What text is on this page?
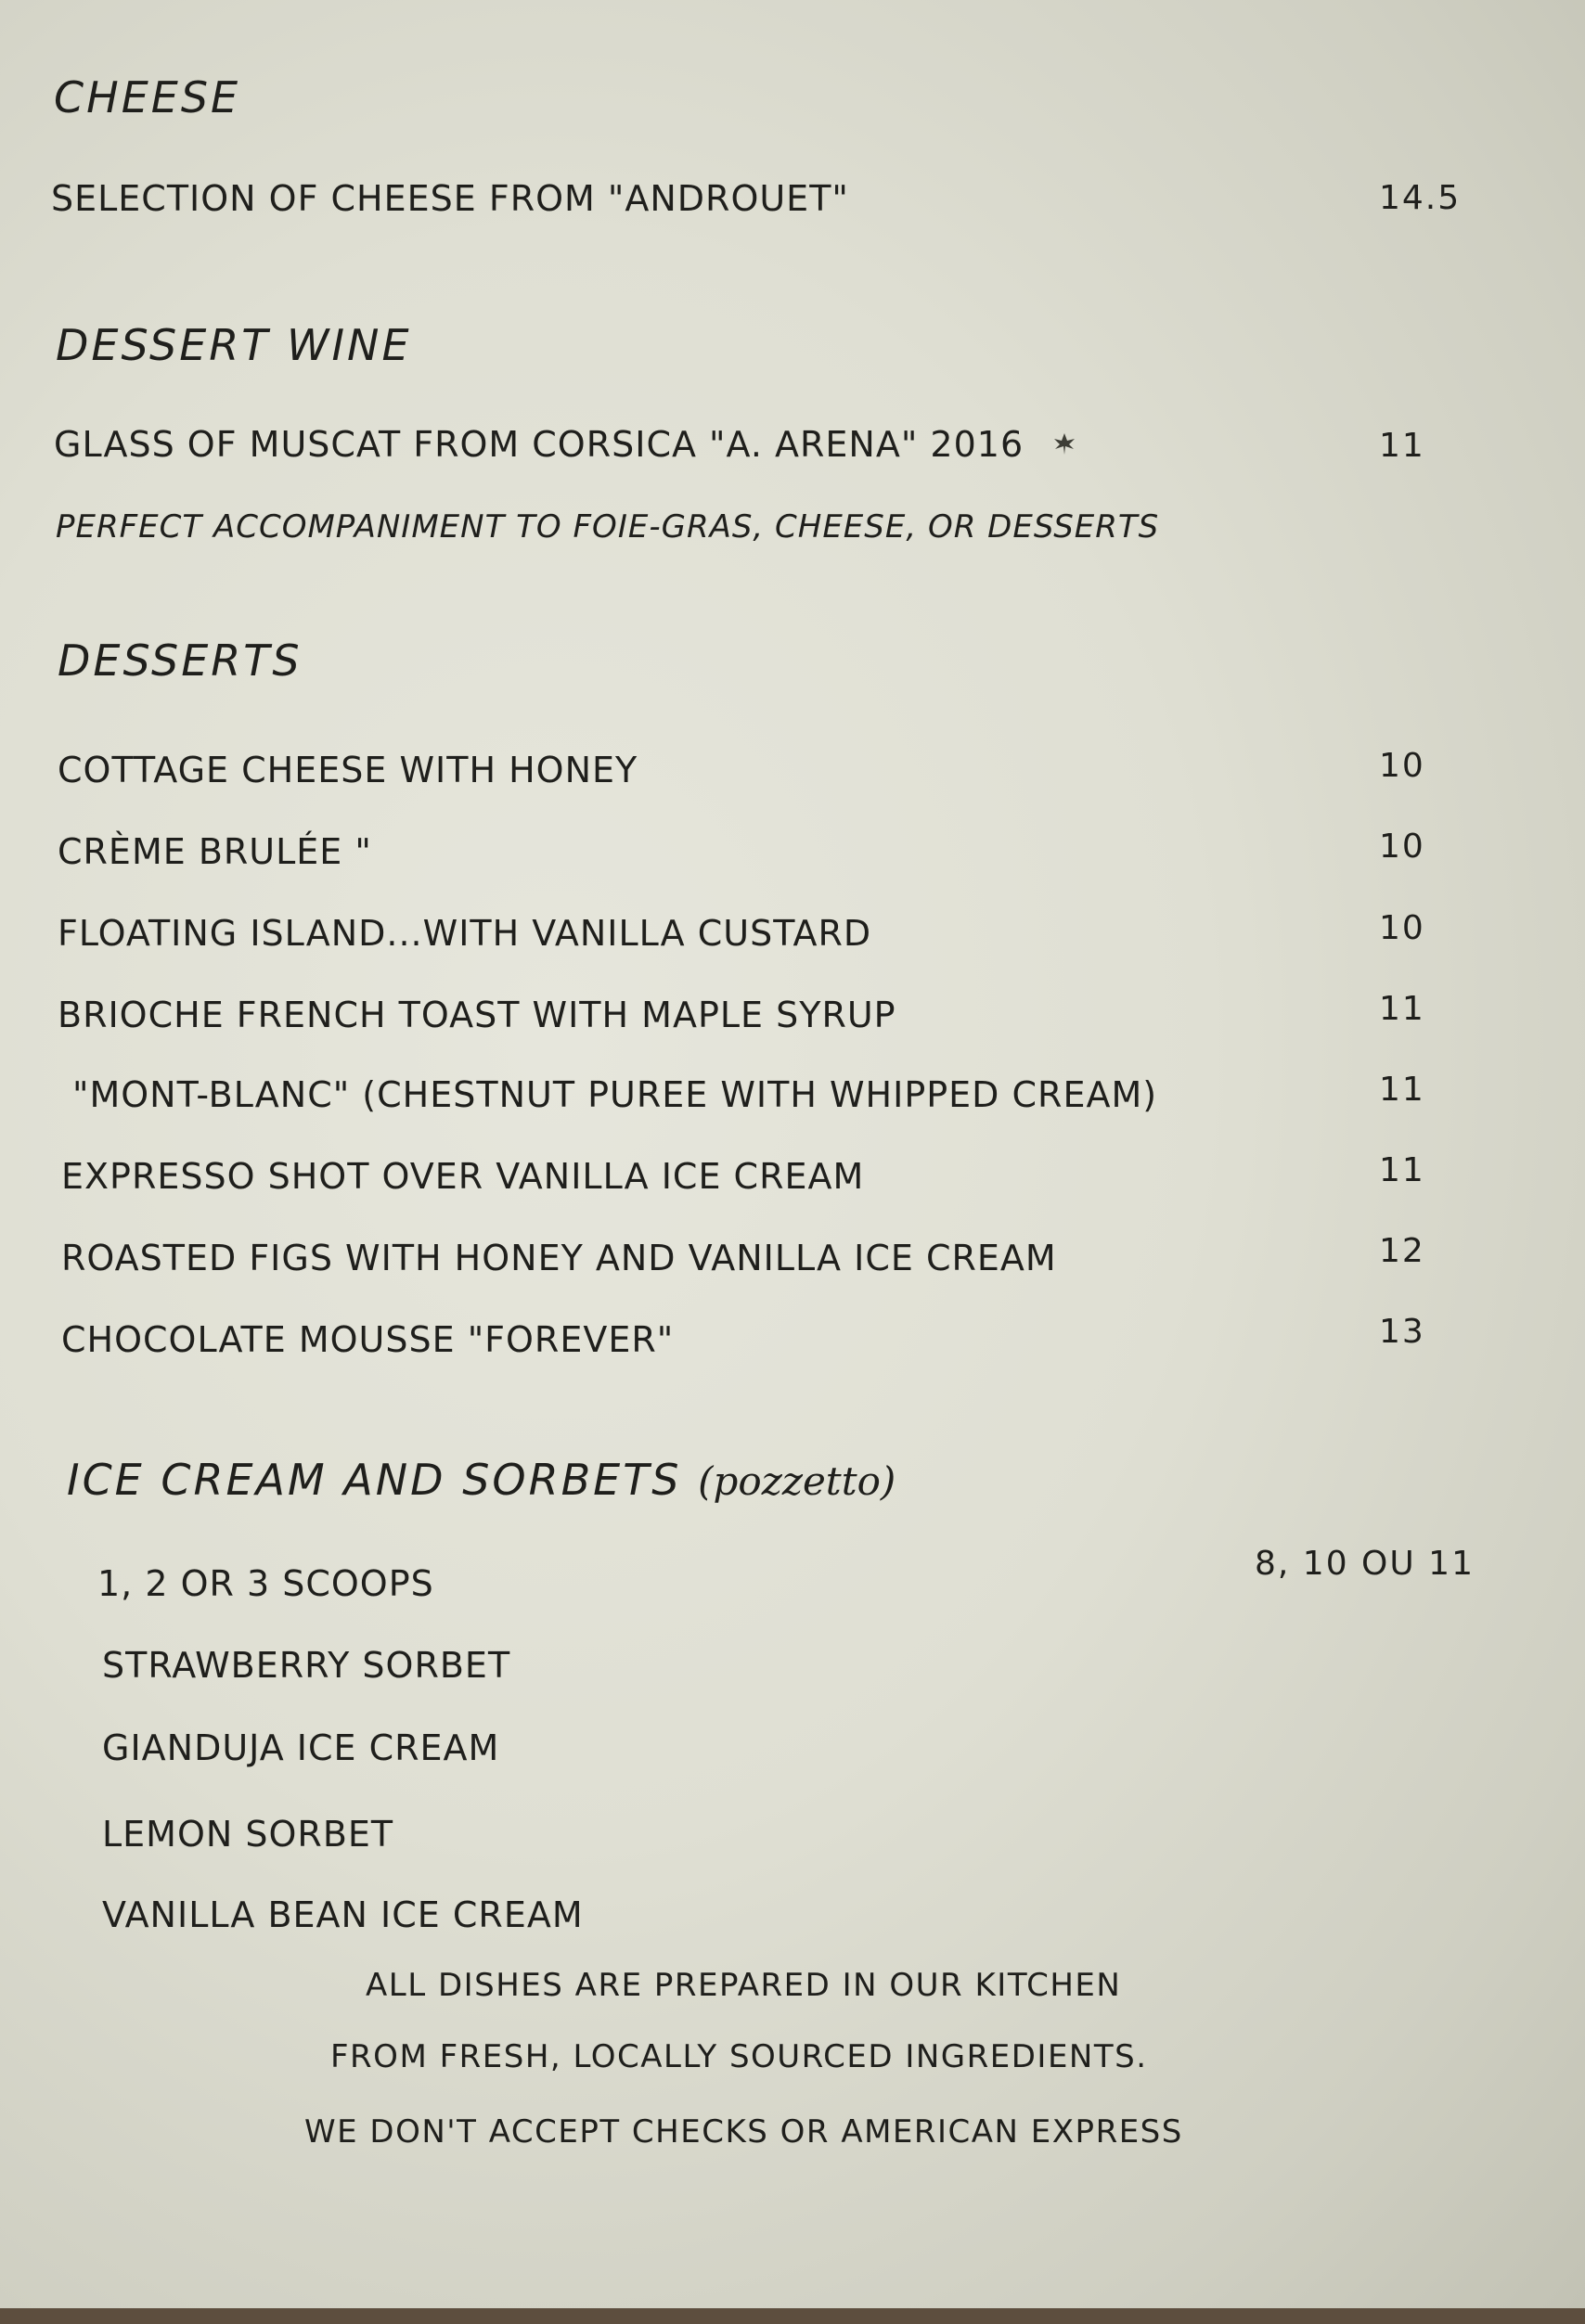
CHEESE
SELECTION OF CHEESE FROM "ANDROUET"	14.5
DESSERT WINE
GLASS OF MUSCAT FROM CORSICA "A. ARENA" 2016	11
PERFECT ACCOMPANIMENT TO FOIE-GRAS, CHEESE, OR DESSERTS
DESSERTS
COTTAGE CHEESE WITH HONEY	10
CRÈME BRULÉE "	10
FLOATING ISLAND...WITH VANILLA CUSTARD	10
BRIOCHE FRENCH TOAST WITH MAPLE SYRUP	11
"MONT-BLANC" (CHESTNUT PUREE WITH WHIPPED CREAM)	11
EXPRESSO SHOT OVER VANILLA ICE CREAM	11
ROASTED FIGS WITH HONEY AND VANILLA ICE CREAM	12
CHOCOLATE MOUSSE "FOREVER"	13
ICE CREAM AND SORBETS (pozzetto)
1, 2 OR 3 SCOOPS	8, 10 OU 11
STRAWBERRY SORBET
GIANDUJA ICE CREAM
LEMON SORBET
VANILLA BEAN ICE CREAM
ALL DISHES ARE PREPARED IN OUR KITCHEN
FROM FRESH, LOCALLY SOURCED INGREDIENTS.
WE DON'T ACCEPT CHECKS OR AMERICAN EXPRESS
